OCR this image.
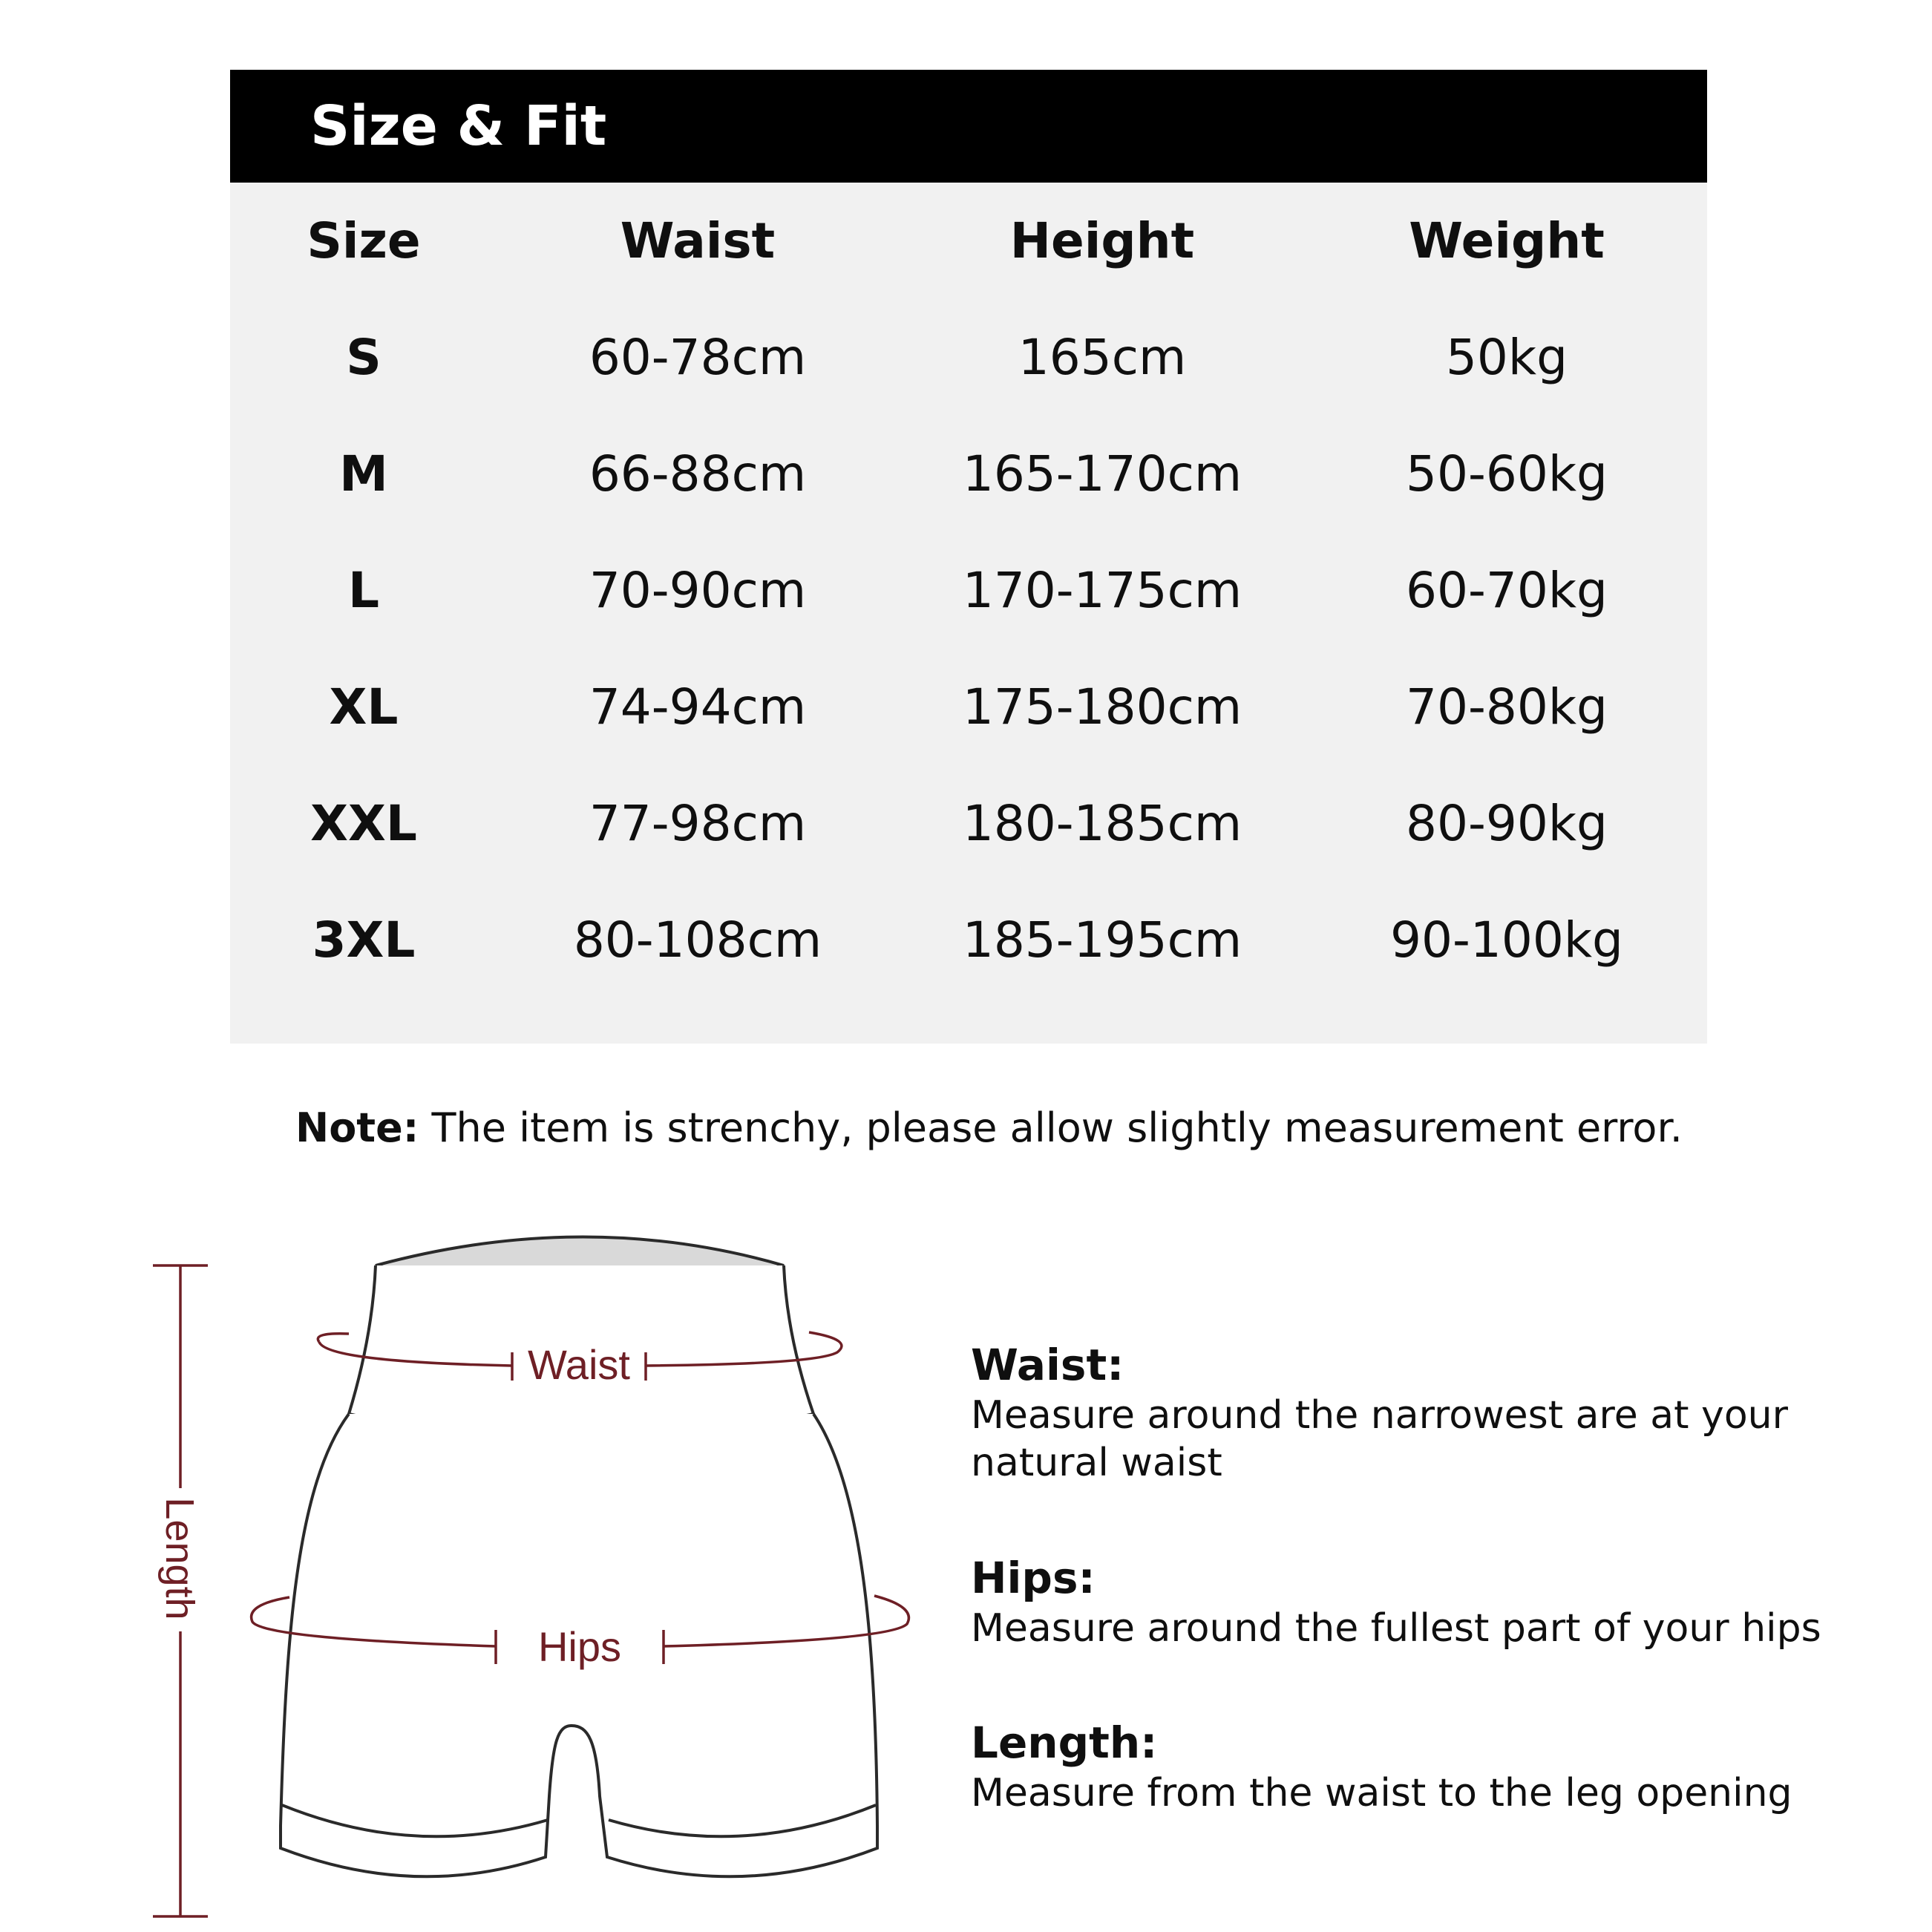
Size & Fit
Size	Waist	Height	Weight
S	60-78cm	165cm	50kg
M	66-88cm	165-170cm	50-60kg
L	70-90cm	170-175cm	60-70kg
XL	74-94cm	175-180cm	70-80kg
XXL	77-98cm	180-185cm	80-90kg
3XL	80-108cm	185-195cm	90-100kg
Note: The item is strenchy, please allow slightly measurement error.
Waist
Hips
Length
Waist:
Measure around the narrowest are at your natural waist
Hips:
Measure around the fullest part of your hips
Length:
Measure from the waist to the leg opening
